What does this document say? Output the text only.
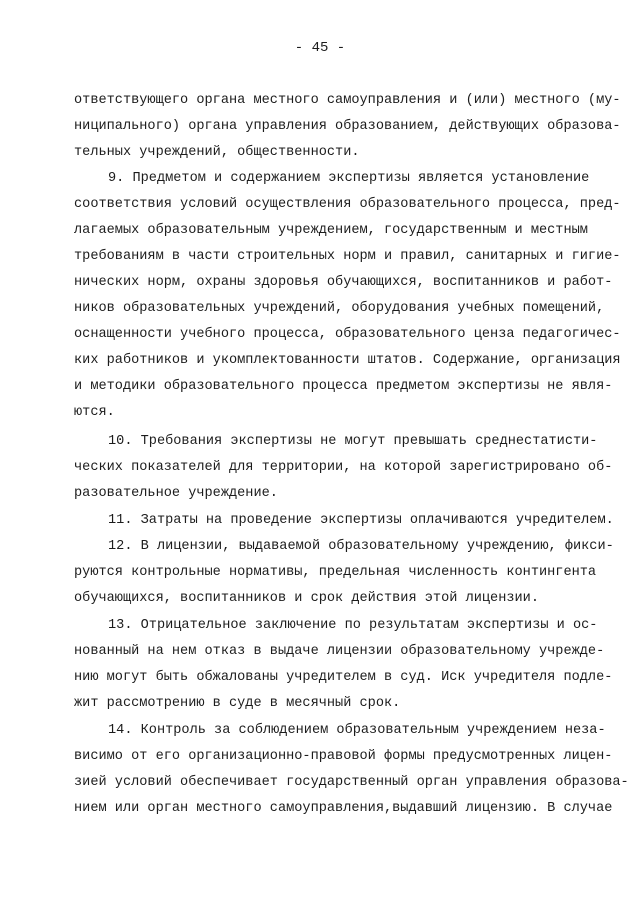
- 45 -
ответствующего органа местного самоуправления и (или) местного (му-
ниципального) органа управления образованием, действующих образова-
тельных учреждений, общественности.
9. Предметом и содержанием экспертизы является установление
соответствия условий осуществления образовательного процесса, пред-
лагаемых образовательным учреждением, государственным и местным
требованиям в части строительных норм и правил, санитарных и гигие-
нических норм, охраны здоровья обучающихся, воспитанников и работ-
ников образовательных учреждений, оборудования учебных помещений,
оснащенности учебного процесса, образовательного ценза педагогичес-
ких работников и укомплектованности штатов. Содержание, организация
и методики образовательного процесса предметом экспертизы не явля-
ются.
10. Требования экспертизы не могут превышать среднестатисти-
ческих показателей для территории, на которой зарегистрировано об-
разовательное учреждение.
11. Затраты на проведение экспертизы оплачиваются учредителем.
12. В лицензии, выдаваемой образовательному учреждению, фикси-
руются контрольные нормативы, предельная численность контингента
обучающихся, воспитанников и срок действия этой лицензии.
13. Отрицательное заключение по результатам экспертизы и ос-
нованный на нем отказ в выдаче лицензии образовательному учрежде-
нию могут быть обжалованы учредителем в суд. Иск учредителя подле-
жит рассмотрению в суде в месячный срок.
14. Контроль за соблюдением образовательным учреждением неза-
висимо от его организационно-правовой формы предусмотренных лицен-
зией условий обеспечивает государственный орган управления образова-
нием или орган местного самоуправления,выдавший лицензию. В случае
